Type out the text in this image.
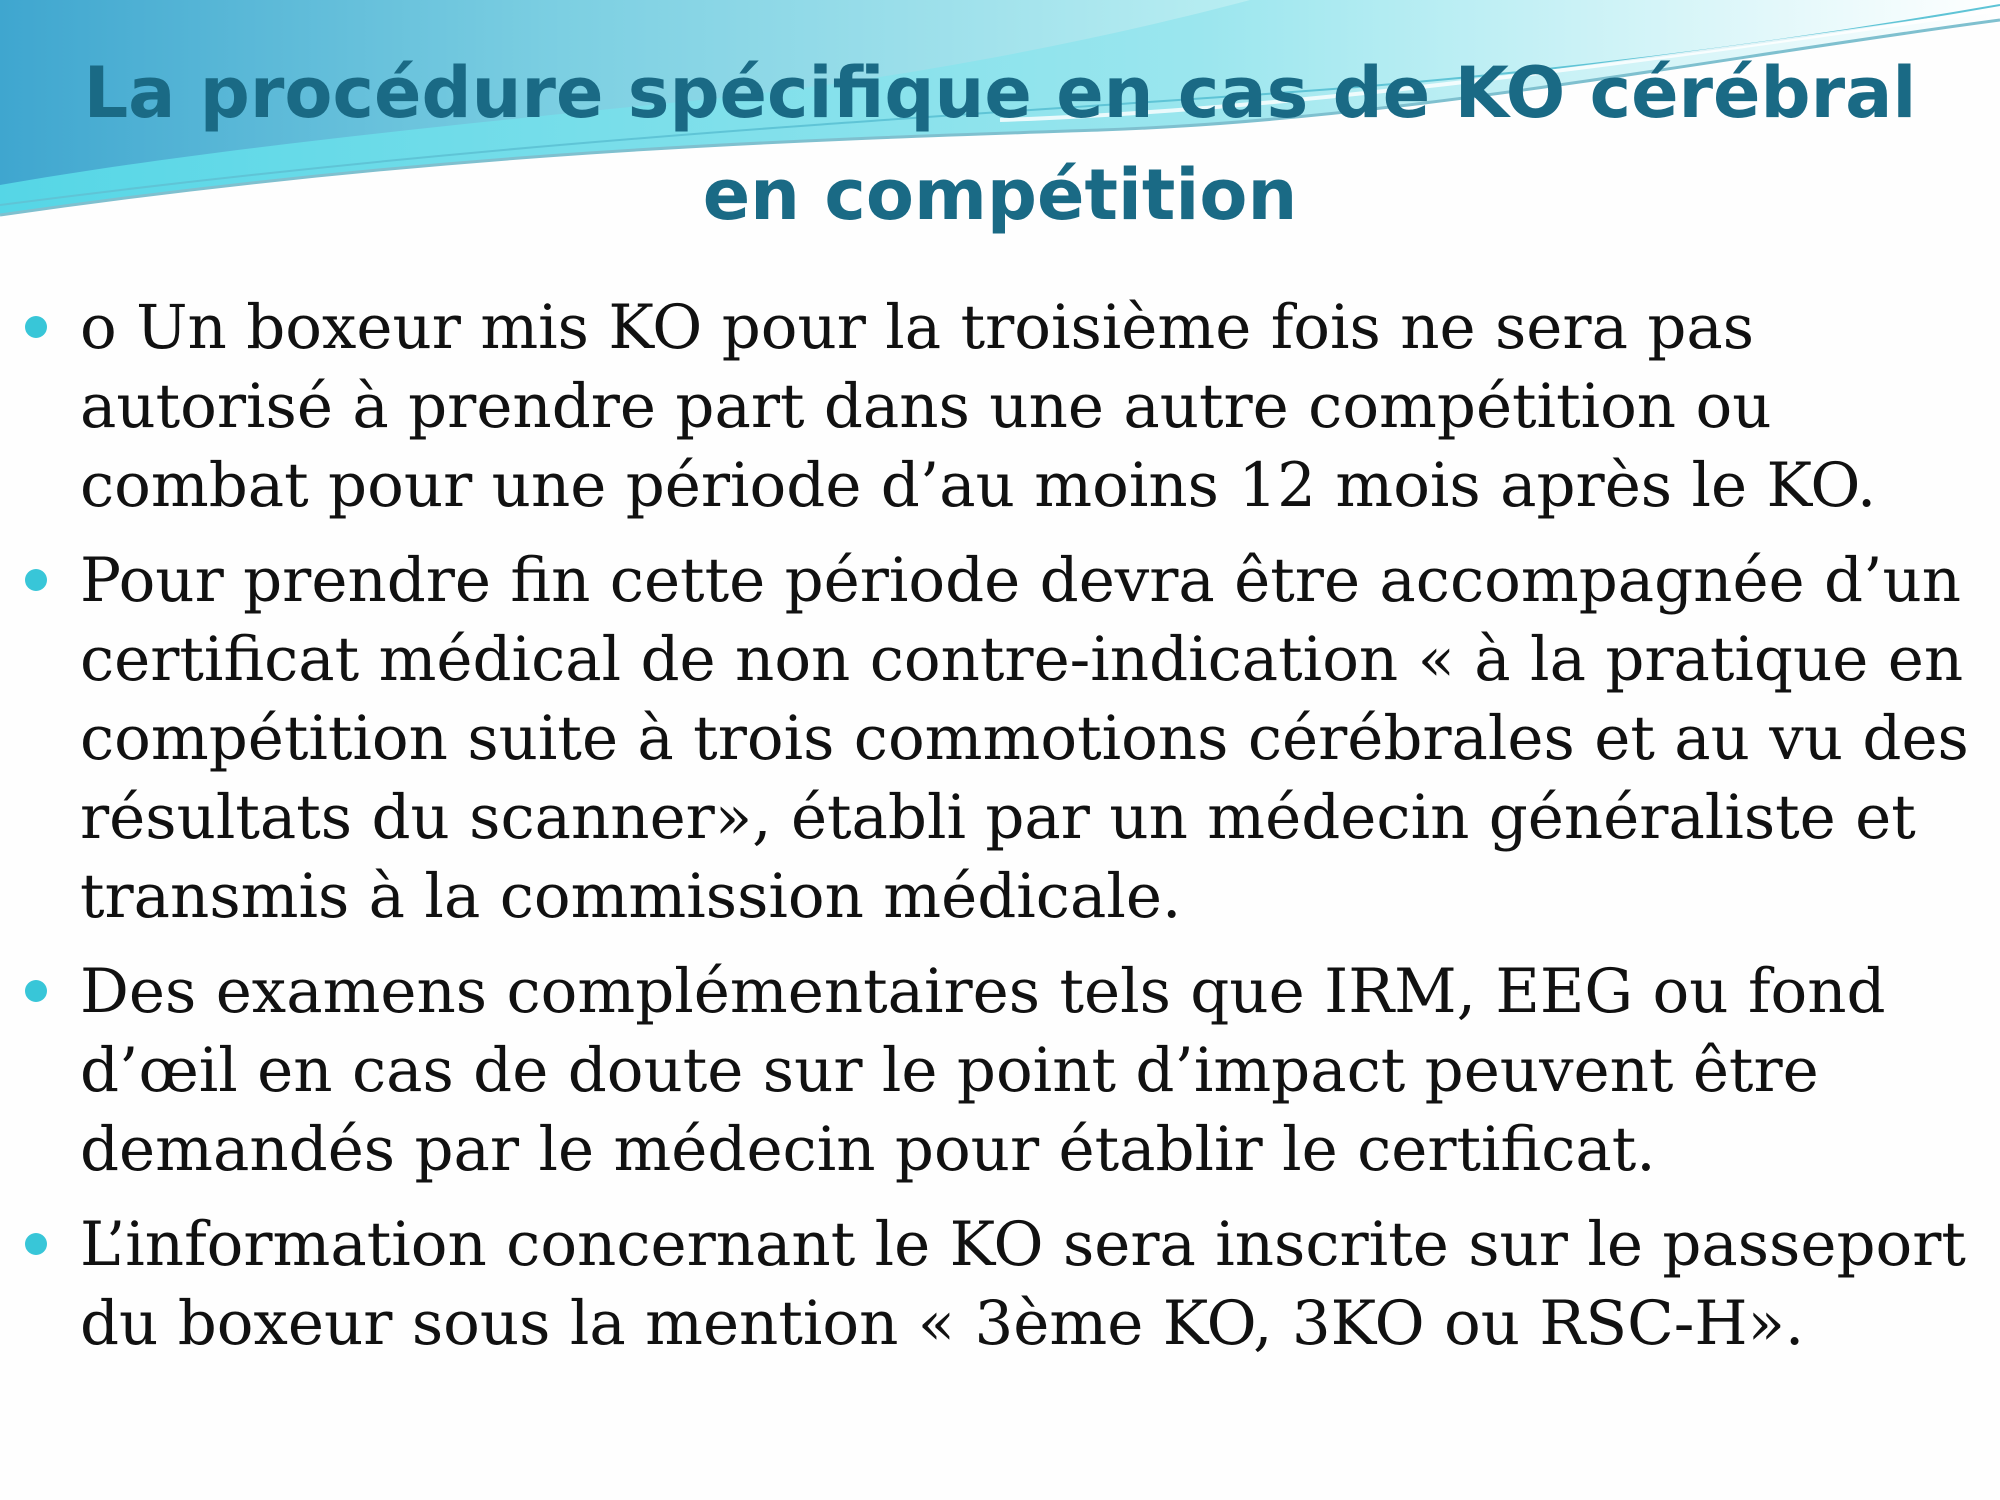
La procédure spécifique en cas de KO cérébral
en compétition
o Un boxeur mis KO pour la troisième fois ne sera pas
autorisé à prendre part dans une autre compétition ou
combat pour une période d’au moins 12 mois après le KO.
Pour prendre fin cette période devra être accompagnée d’un
certificat médical de non contre-indication « à la pratique en
compétition suite à trois commotions cérébrales et au vu des
résultats du scanner», établi par un médecin généraliste et
transmis à la commission médicale.
Des examens complémentaires tels que IRM, EEG ou fond
d’œil en cas de doute sur le point d’impact peuvent être
demandés par le médecin pour établir le certificat.
L’information concernant le KO sera inscrite sur le passeport
du boxeur sous la mention « 3ème KO, 3KO ou RSC-H».
